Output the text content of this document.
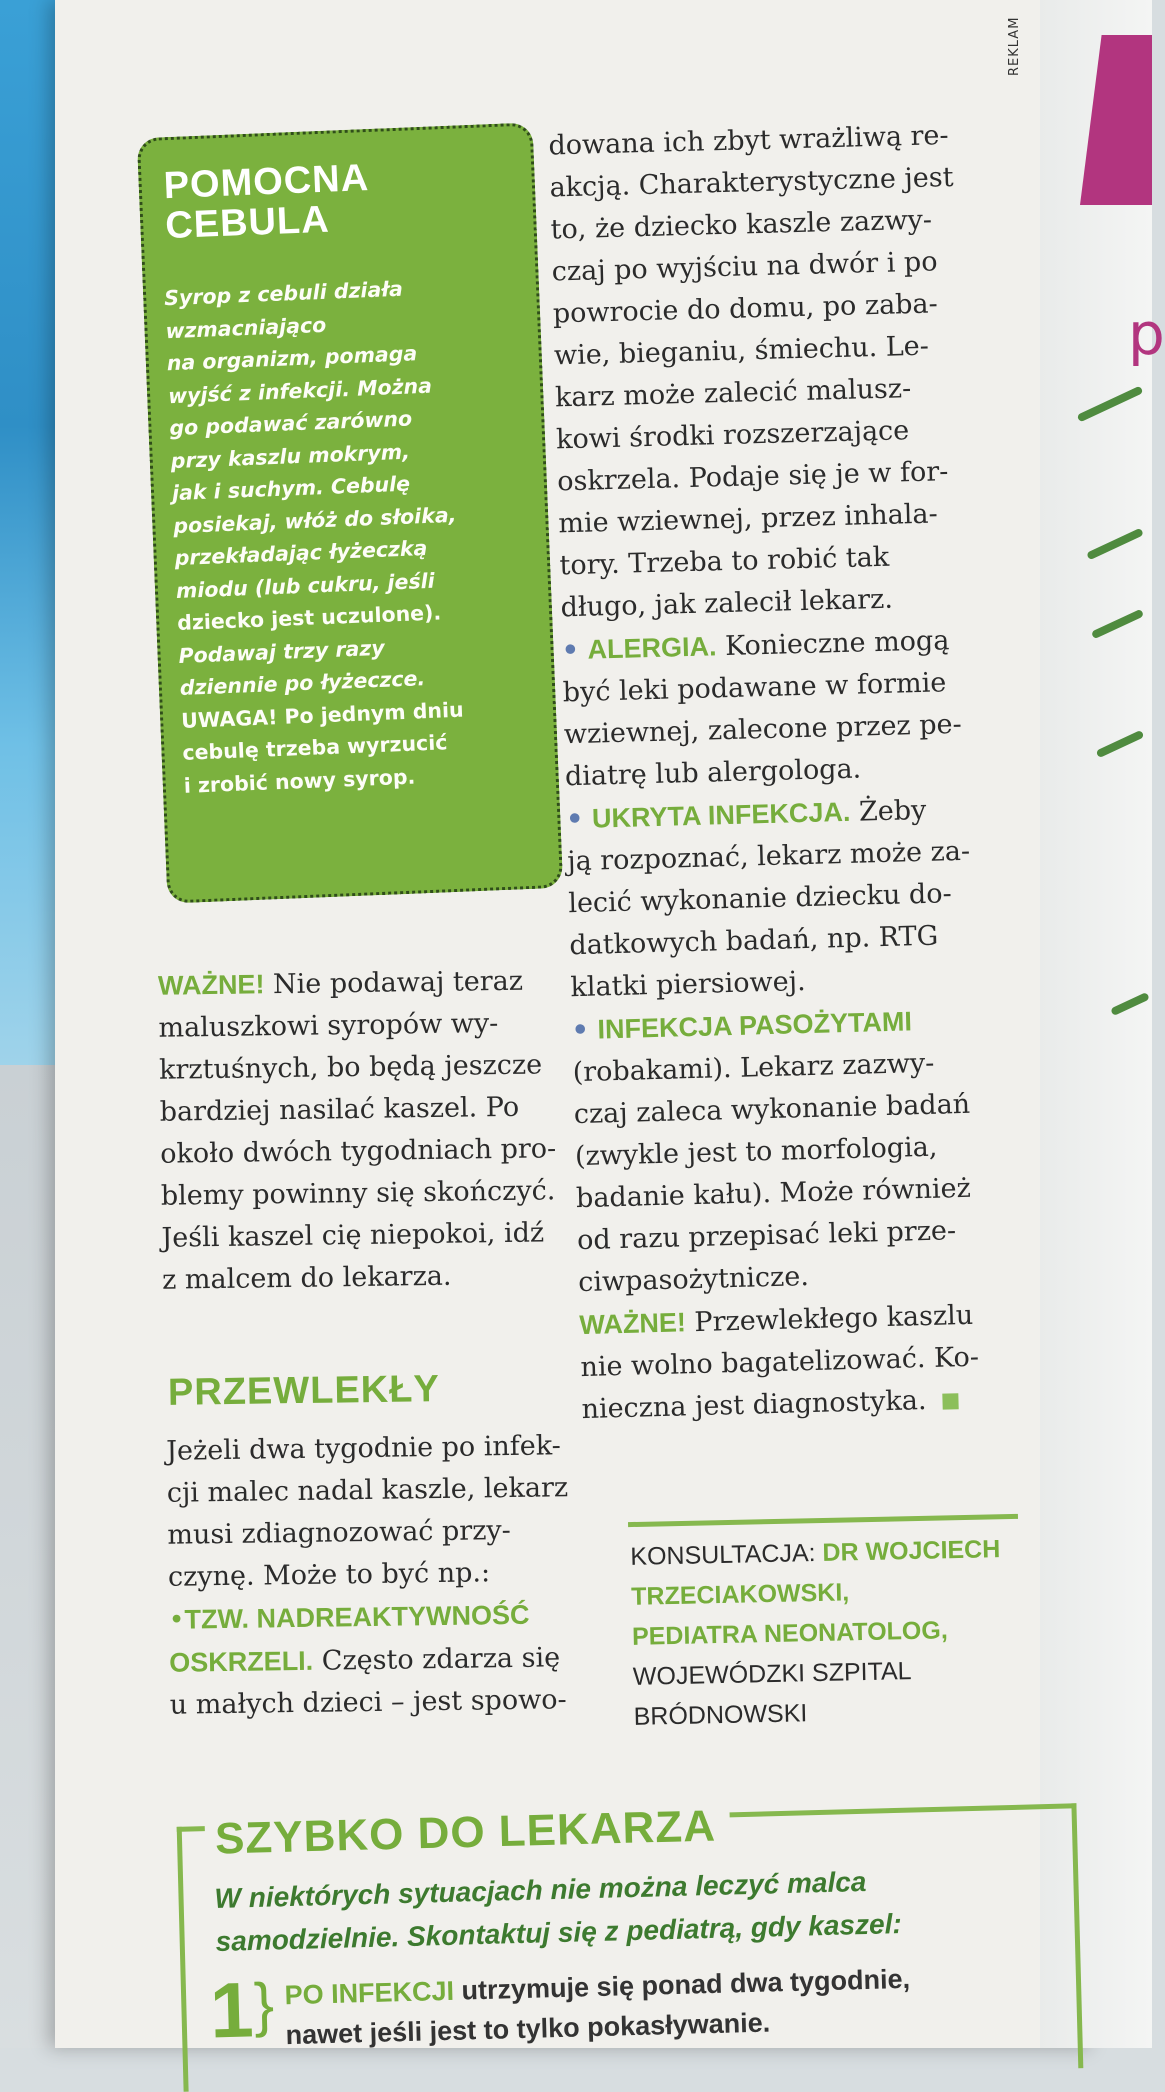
REKLAM
p
POMOCNA
CEBULA
Syrop z cebuli działa
wzmacniająco
na organizm, pomaga
wyjść z infekcji. Można
go podawać zarówno
przy kaszlu mokrym,
jak i suchym. Cebulę
posiekaj, włóż do słoika,
przekładając łyżeczką
miodu (lub cukru, jeśli
dziecko jest uczulone).
Podawaj trzy razy
dziennie po łyżeczce.
UWAGA! Po jednym dniu
cebulę trzeba wyrzucić
i zrobić nowy syrop.
WAŻNE! Nie podawaj teraz
maluszkowi syropów wy-
krztuśnych, bo będą jeszcze
bardziej nasilać kaszel. Po
około dwóch tygodniach pro-
blemy powinny się skończyć.
Jeśli kaszel cię niepokoi, idź
z malcem do lekarza.
PRZEWLEKŁY
Jeżeli dwa tygodnie po infek-
cji malec nadal kaszle, lekarz
musi zdiagnozować przy-
czynę. Może to być np.:
•TZW. NADREAKTYWNOŚĆ
OSKRZELI. Często zdarza się
u małych dzieci – jest spowo-
dowana ich zbyt wrażliwą re-
akcją. Charakterystyczne jest
to, że dziecko kaszle zazwy-
czaj po wyjściu na dwór i po
powrocie do domu, po zaba-
wie, bieganiu, śmiechu. Le-
karz może zalecić malusz-
kowi środki rozszerzające
oskrzela. Podaje się je w for-
mie wziewnej, przez inhala-
tory. Trzeba to robić tak
długo, jak zalecił lekarz.
• ALERGIA. Konieczne mogą
być leki podawane w formie
wziewnej, zalecone przez pe-
diatrę lub alergologa.
• UKRYTA INFEKCJA. Żeby
ją rozpoznać, lekarz może za-
lecić wykonanie dziecku do-
datkowych badań, np. RTG
klatki piersiowej.
• INFEKCJA PASOŻYTAMI
(robakami). Lekarz zazwy-
czaj zaleca wykonanie badań
(zwykle jest to morfologia,
badanie kału). Może również
od razu przepisać leki prze-
ciwpasożytnicze.
WAŻNE! Przewlekłego kaszlu
nie wolno bagatelizować. Ko-
nieczna jest diagnostyka.
KONSULTACJA: DR WOJCIECH
TRZECIAKOWSKI,
PEDIATRA NEONATOLOG,
WOJEWÓDZKI SZPITAL
BRÓDNOWSKI
SZYBKO DO LEKARZA
W niektórych sytuacjach nie można leczyć malca
samodzielnie. Skontaktuj się z pediatrą, gdy kaszel:
1
} PO INFEKCJI utrzymuje się ponad dwa tygodnie,
nawet jeśli jest to tylko pokasływanie.
